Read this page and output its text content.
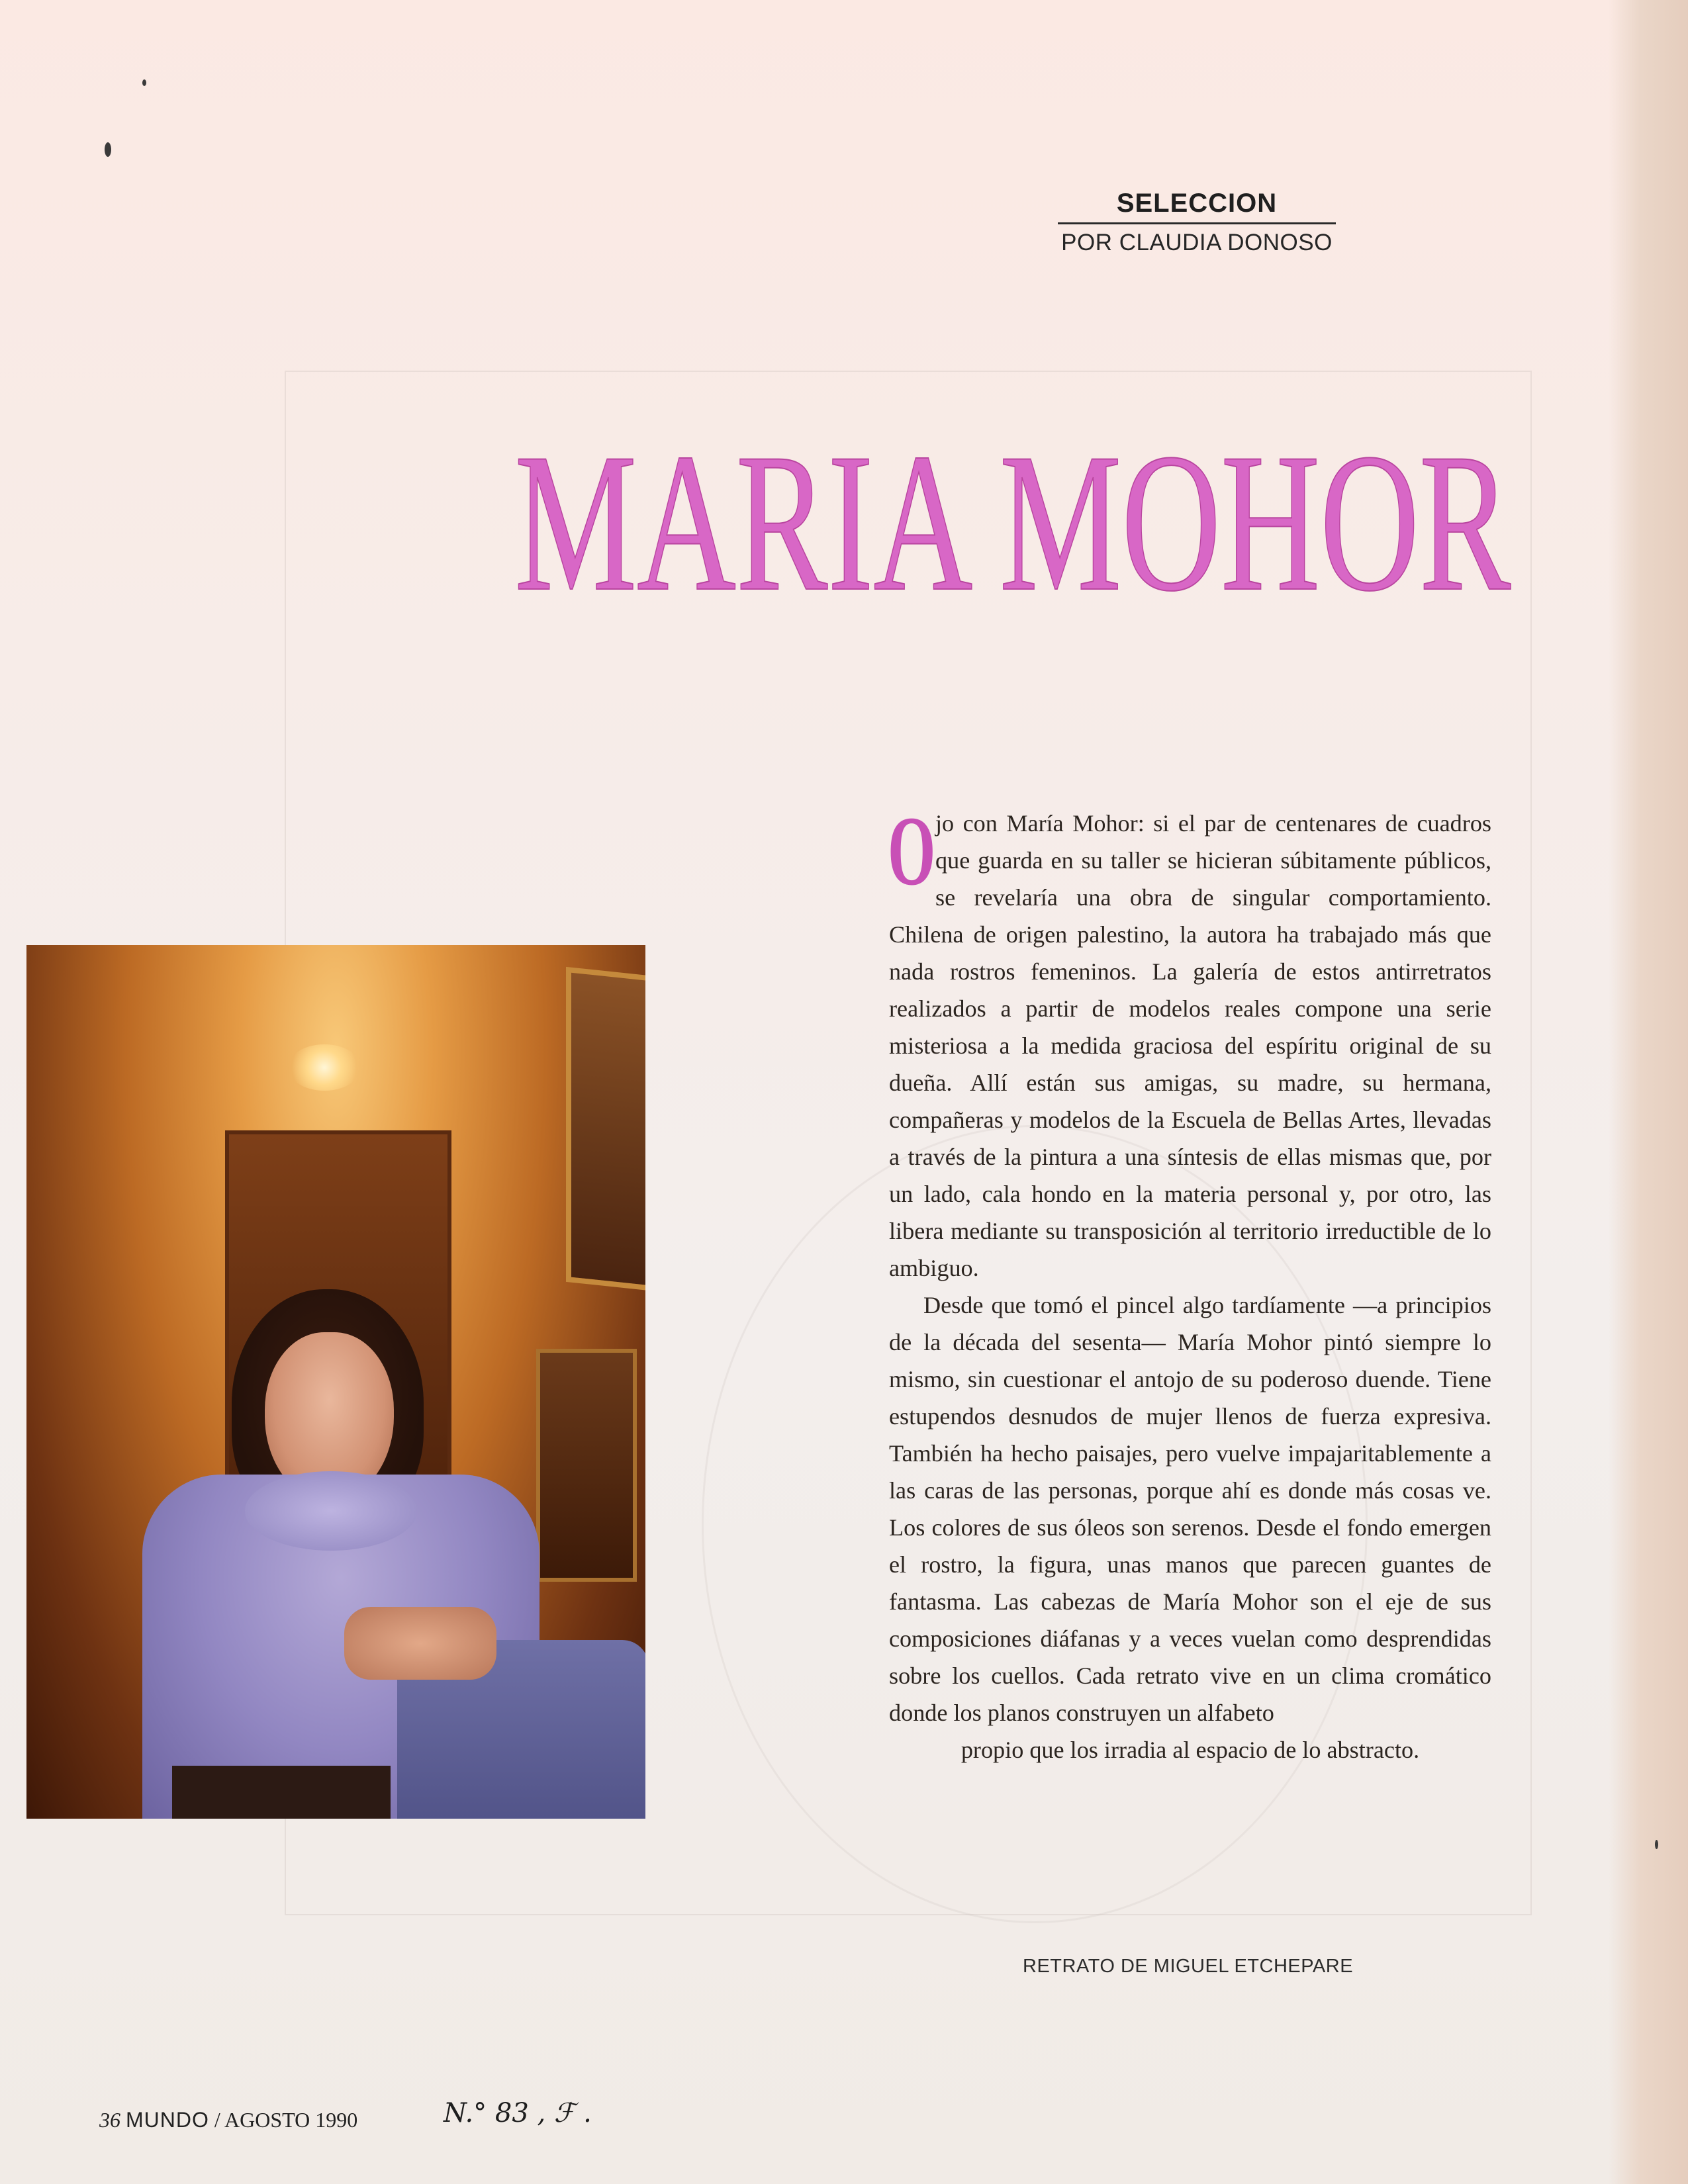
SELECCION
POR CLAUDIA DONOSO
MARIA MOHOR

Ojo con María Mohor: si el par de centenares de cuadros que guarda en su taller se hicieran súbitamente públicos, se revelaría una obra de singular comportamiento. Chilena de origen palestino, la autora ha trabajado más que nada rostros femeninos. La galería de estos antirretratos realizados a partir de modelos reales compone una serie misteriosa a la medida graciosa del espíritu original de su dueña. Allí están sus amigas, su madre, su hermana, compañeras y modelos de la Escuela de Bellas Artes, llevadas a través de la pintura a una síntesis de ellas mismas que, por un lado, cala hondo en la materia personal y, por otro, las libera mediante su transposición al territorio irreductible de lo ambiguo.

Desde que tomó el pincel algo tardíamente —a principios de la década del sesenta— María Mohor pintó siempre lo mismo, sin cuestionar el antojo de su poderoso duende. Tiene estupendos desnudos de mujer llenos de fuerza expresiva. También ha hecho paisajes, pero vuelve impajaritablemente a las caras de las personas, porque ahí es donde más cosas ve. Los colores de sus óleos son serenos. Desde el fondo emergen el rostro, la figura, unas manos que parecen guantes de fantasma. Las cabezas de María Mohor son el eje de sus composiciones diáfanas y a veces vuelan como desprendidas sobre los cuellos. Cada retrato vive en un clima cromático donde los planos construyen un alfabeto

propio que los irradia al espacio de lo abstracto.

RETRATO DE MIGUEL ETCHEPARE
36 MUNDO / AGOSTO 1990	N.° 83 , ℱ .
